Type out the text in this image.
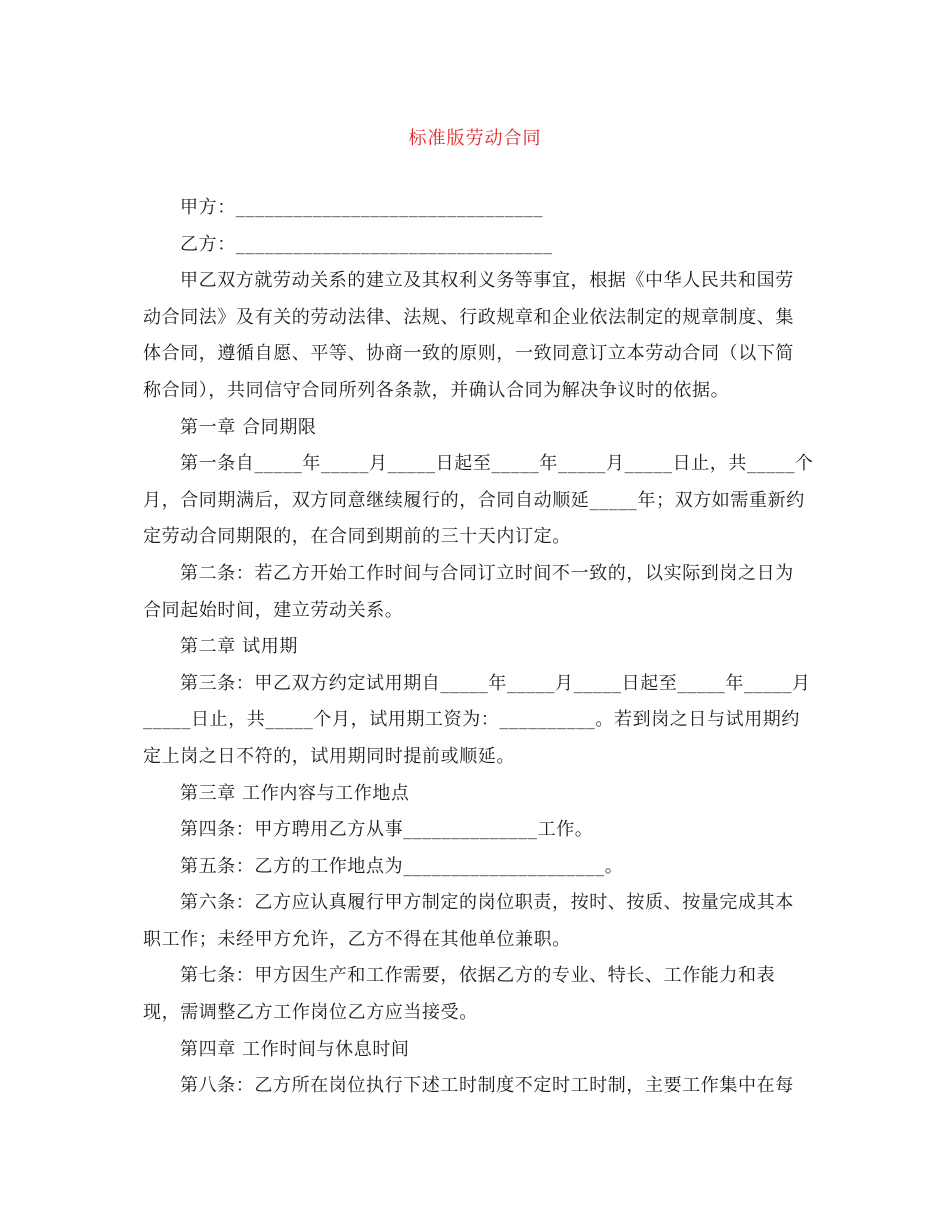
标准版劳动合同
甲方：________________________________
乙方：_________________________________
甲乙双方就劳动关系的建立及其权利义务等事宜，根据《中华人民共和国劳
动合同法》及有关的劳动法律、法规、行政规章和企业依法制定的规章制度、集
体合同，遵循自愿、平等、协商一致的原则，一致同意订立本劳动合同（以下简
称合同），共同信守合同所列各条款，并确认合同为解决争议时的依据。
第一章 合同期限
第一条自_____年_____月_____日起至_____年_____月_____日止，共_____个
月，合同期满后，双方同意继续履行的，合同自动顺延_____年；双方如需重新约
定劳动合同期限的，在合同到期前的三十天内订定。
第二条：若乙方开始工作时间与合同订立时间不一致的，以实际到岗之日为
合同起始时间，建立劳动关系。
第二章 试用期
第三条：甲乙双方约定试用期自_____年_____月_____日起至_____年_____月
_____日止，共_____个月，试用期工资为：__________。若到岗之日与试用期约
定上岗之日不符的，试用期同时提前或顺延。
第三章 工作内容与工作地点
第四条：甲方聘用乙方从事______________工作。
第五条：乙方的工作地点为_____________________。
第六条：乙方应认真履行甲方制定的岗位职责，按时、按质、按量完成其本
职工作；未经甲方允许，乙方不得在其他单位兼职。
第七条：甲方因生产和工作需要，依据乙方的专业、特长、工作能力和表
现，需调整乙方工作岗位乙方应当接受。
第四章 工作时间与休息时间
第八条：乙方所在岗位执行下述工时制度不定时工时制，主要工作集中在每
